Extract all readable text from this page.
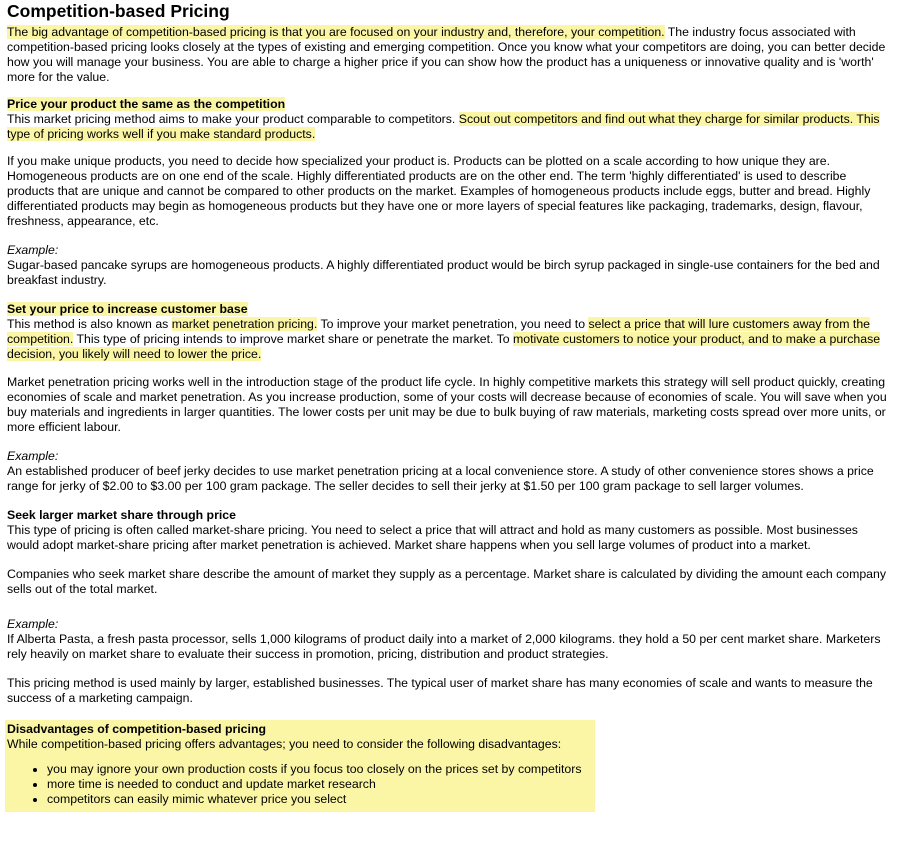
Competition-based Pricing

The big advantage of competition-based pricing is that you are focused on your industry and, therefore, your competition. The industry focus associated with competition-based pricing looks closely at the types of existing and emerging competition. Once you know what your competitors are doing, you can better decide how you will manage your business. You are able to charge a higher price if you can show how the product has a uniqueness or innovative quality and is 'worth' more for the value.

Price your product the same as the competition
This market pricing method aims to make your product comparable to competitors. Scout out competitors and find out what they charge for similar products. This type of pricing works well if you make standard products.

If you make unique products, you need to decide how specialized your product is. Products can be plotted on a scale according to how unique they are. Homogeneous products are on one end of the scale. Highly differentiated products are on the other end. The term 'highly differentiated' is used to describe products that are unique and cannot be compared to other products on the market. Examples of homogeneous products include eggs, butter and bread. Highly differentiated products may begin as homogeneous products but they have one or more layers of special features like packaging, trademarks, design, flavour, freshness, appearance, etc.

Example:
Sugar-based pancake syrups are homogeneous products. A highly differentiated product would be birch syrup packaged in single-use containers for the bed and breakfast industry.

Set your price to increase customer base
This method is also known as market penetration pricing. To improve your market penetration, you need to select a price that will lure customers away from the competition. This type of pricing intends to improve market share or penetrate the market. To motivate customers to notice your product, and to make a purchase decision, you likely will need to lower the price.

Market penetration pricing works well in the introduction stage of the product life cycle. In highly competitive markets this strategy will sell product quickly, creating economies of scale and market penetration. As you increase production, some of your costs will decrease because of economies of scale. You will save when you buy materials and ingredients in larger quantities. The lower costs per unit may be due to bulk buying of raw materials, marketing costs spread over more units, or more efficient labour.

Example:
An established producer of beef jerky decides to use market penetration pricing at a local convenience store. A study of other convenience stores shows a price range for jerky of $2.00 to $3.00 per 100 gram package. The seller decides to sell their jerky at $1.50 per 100 gram package to sell larger volumes.

Seek larger market share through price
This type of pricing is often called market-share pricing. You need to select a price that will attract and hold as many customers as possible. Most businesses would adopt market-share pricing after market penetration is achieved. Market share happens when you sell large volumes of product into a market.

Companies who seek market share describe the amount of market they supply as a percentage. Market share is calculated by dividing the amount each company sells out of the total market.

Example:
If Alberta Pasta, a fresh pasta processor, sells 1,000 kilograms of product daily into a market of 2,000 kilograms. they hold a 50 per cent market share. Marketers rely heavily on market share to evaluate their success in promotion, pricing, distribution and product strategies.

This pricing method is used mainly by larger, established businesses. The typical user of market share has many economies of scale and wants to measure the success of a marketing campaign.

Disadvantages of competition-based pricing
While competition-based pricing offers advantages; you need to consider the following disadvantages:
• you may ignore your own production costs if you focus too closely on the prices set by competitors
• more time is needed to conduct and update market research
• competitors can easily mimic whatever price you select
